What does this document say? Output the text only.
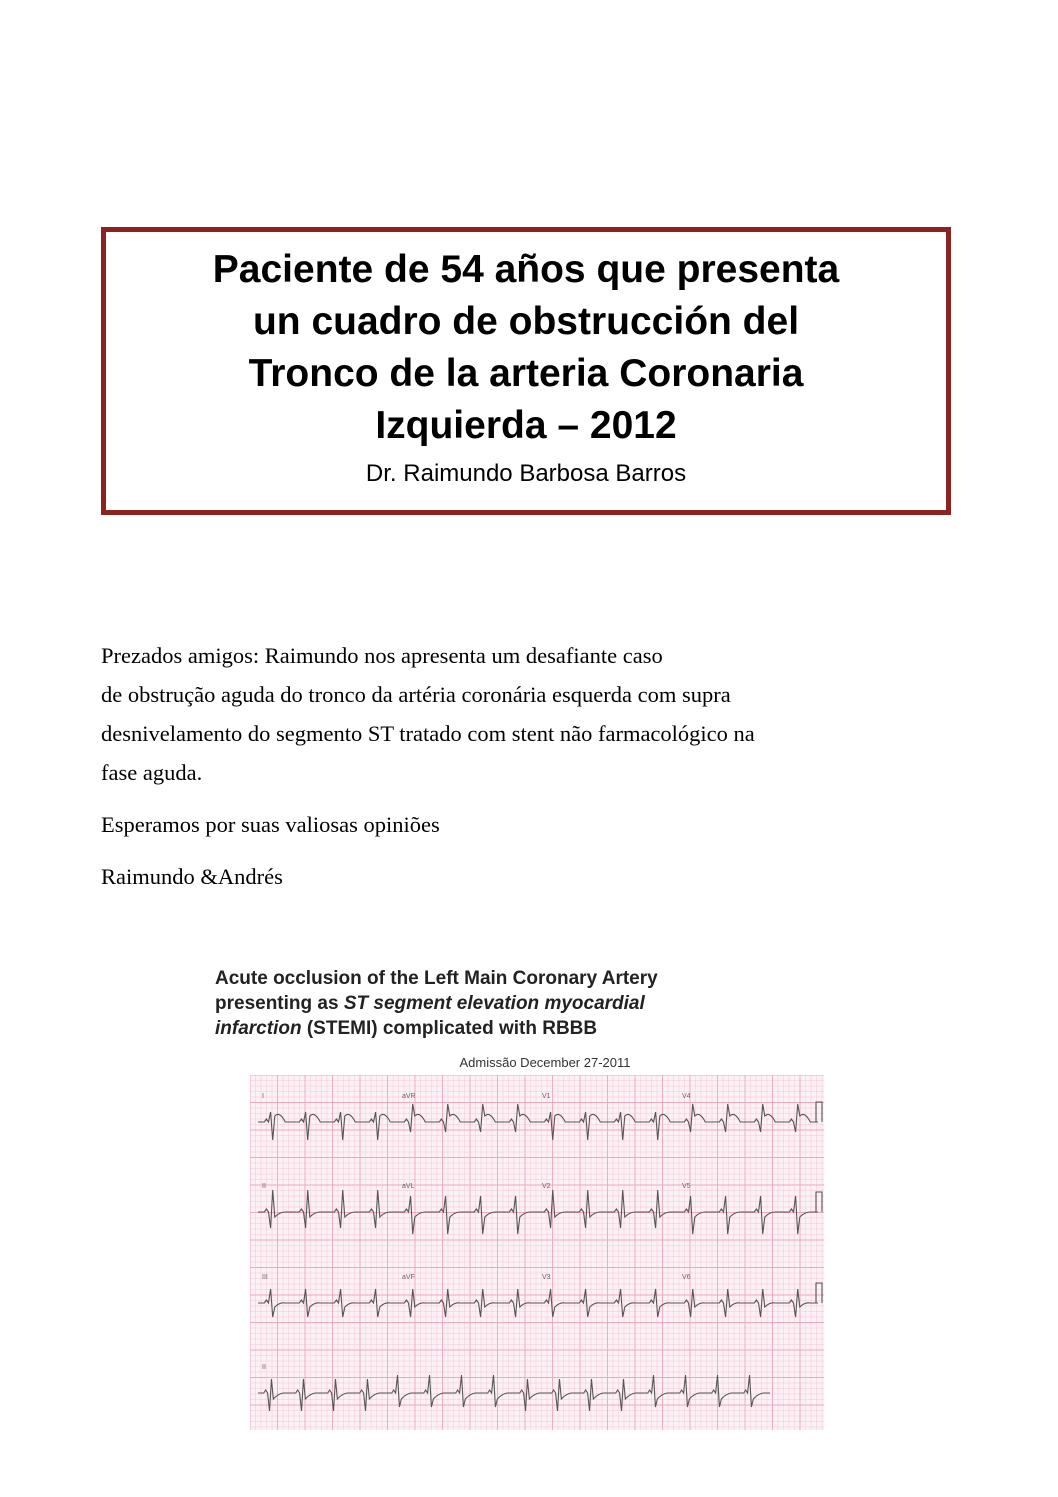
Paciente de 54 años que presenta
un cuadro de obstrucción del
Tronco de la arteria Coronaria
Izquierda – 2012
Dr. Raimundo Barbosa Barros

Prezados amigos: Raimundo nos apresenta um desafiante caso

de obstrução aguda do tronco da artéria coronária esquerda com supra

desnivelamento do segmento ST tratado com stent não farmacológico na

fase aguda.

Esperamos por suas valiosas opiniões

Raimundo &Andrés

Acute occlusion of the Left Main Coronary Artery
presenting as ST segment elevation myocardial
infarction (STEMI) complicated with RBBB
Admissão December 27-2011
I	aVR	V1	V4
II	aVL	V2	V5
III	aVF	V3	V6
II
